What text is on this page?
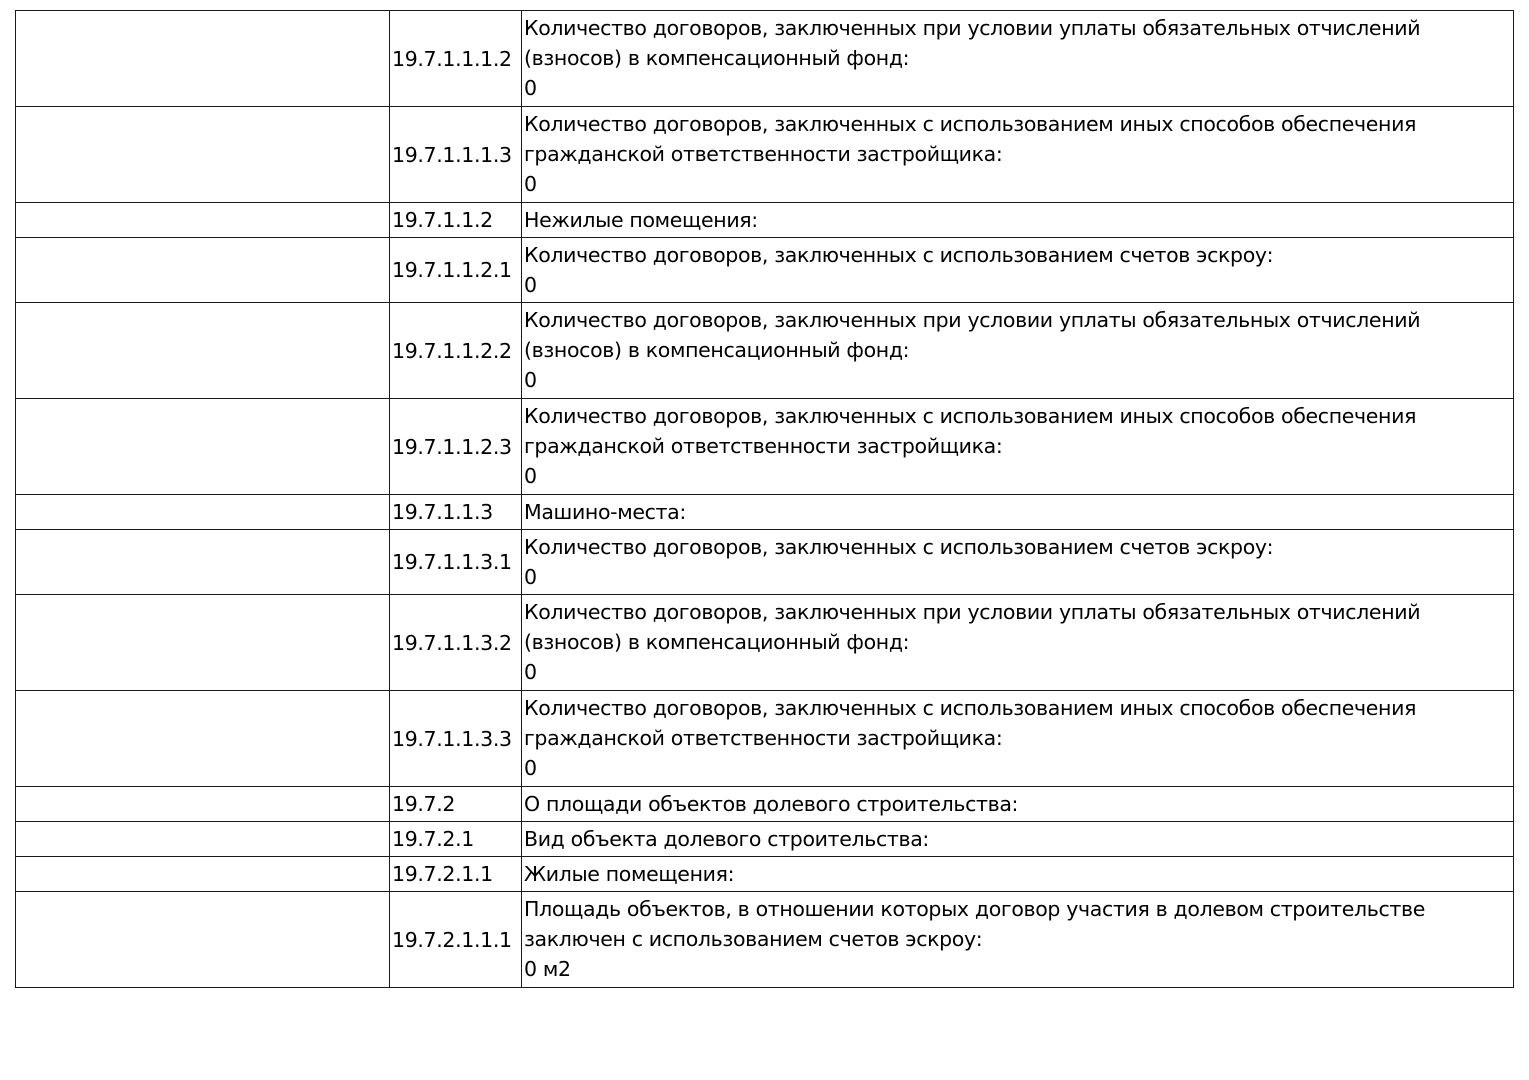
	19.7.1.1.1.2	Количество договоров, заключенных при условии уплаты обязательных отчислений
(взносов) в компенсационный фонд:
0

	19.7.1.1.1.3	Количество договоров, заключенных с использованием иных способов обеспечения
гражданской ответственности застройщика:
0

	19.7.1.1.2	Нежилые помещения:

	19.7.1.1.2.1	Количество договоров, заключенных с использованием счетов эскроу:
0

	19.7.1.1.2.2	Количество договоров, заключенных при условии уплаты обязательных отчислений
(взносов) в компенсационный фонд:
0

	19.7.1.1.2.3	Количество договоров, заключенных с использованием иных способов обеспечения
гражданской ответственности застройщика:
0

	19.7.1.1.3	Машино-места:

	19.7.1.1.3.1	Количество договоров, заключенных с использованием счетов эскроу:
0

	19.7.1.1.3.2	Количество договоров, заключенных при условии уплаты обязательных отчислений
(взносов) в компенсационный фонд:
0

	19.7.1.1.3.3	Количество договоров, заключенных с использованием иных способов обеспечения
гражданской ответственности застройщика:
0

	19.7.2	О площади объектов долевого строительства:

	19.7.2.1	Вид объекта долевого строительства:

	19.7.2.1.1	Жилые помещения:

	19.7.2.1.1.1	Площадь объектов, в отношении которых договор участия в долевом строительстве
заключен с использованием счетов эскроу:
0 м2
